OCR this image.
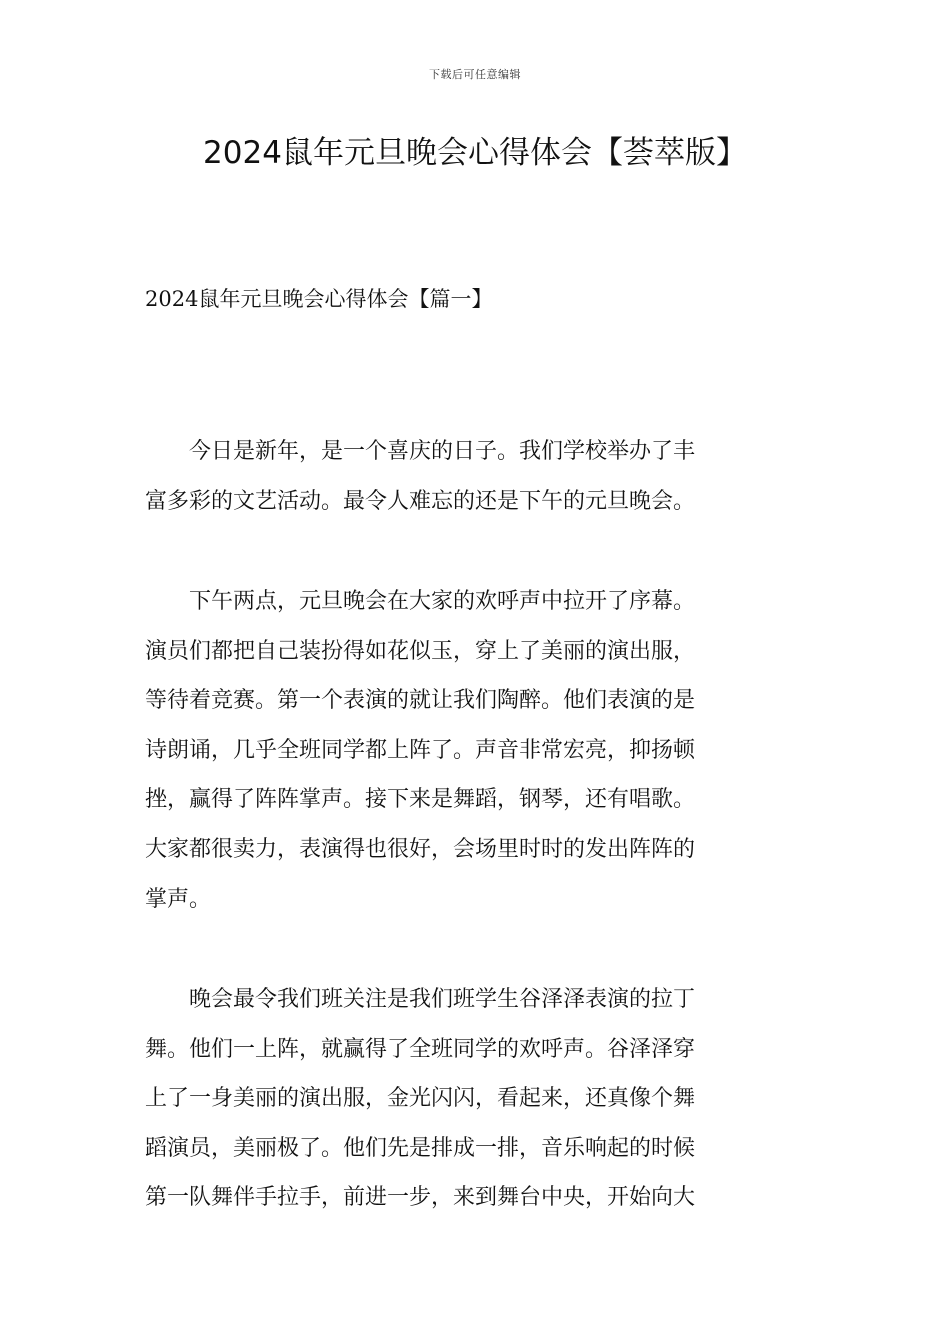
下载后可任意编辑
2024鼠年元旦晚会心得体会【荟萃版】
2024鼠年元旦晚会心得体会【篇一】

　　今日是新年，是一个喜庆的日子。我们学校举办了丰
富多彩的文艺活动。最令人难忘的还是下午的元旦晚会。

　　下午两点，元旦晚会在大家的欢呼声中拉开了序幕。
演员们都把自己装扮得如花似玉，穿上了美丽的演出服，
等待着竞赛。第一个表演的就让我们陶醉。他们表演的是
诗朗诵，几乎全班同学都上阵了。声音非常宏亮，抑扬顿
挫，赢得了阵阵掌声。接下来是舞蹈，钢琴，还有唱歌。
大家都很卖力，表演得也很好，会场里时时的发出阵阵的
掌声。

　　晚会最令我们班关注是我们班学生谷泽泽表演的拉丁
舞。他们一上阵，就赢得了全班同学的欢呼声。谷泽泽穿
上了一身美丽的演出服，金光闪闪，看起来，还真像个舞
蹈演员，美丽极了。他们先是排成一排，音乐响起的时候
第一队舞伴手拉手，前进一步，来到舞台中央，开始向大
